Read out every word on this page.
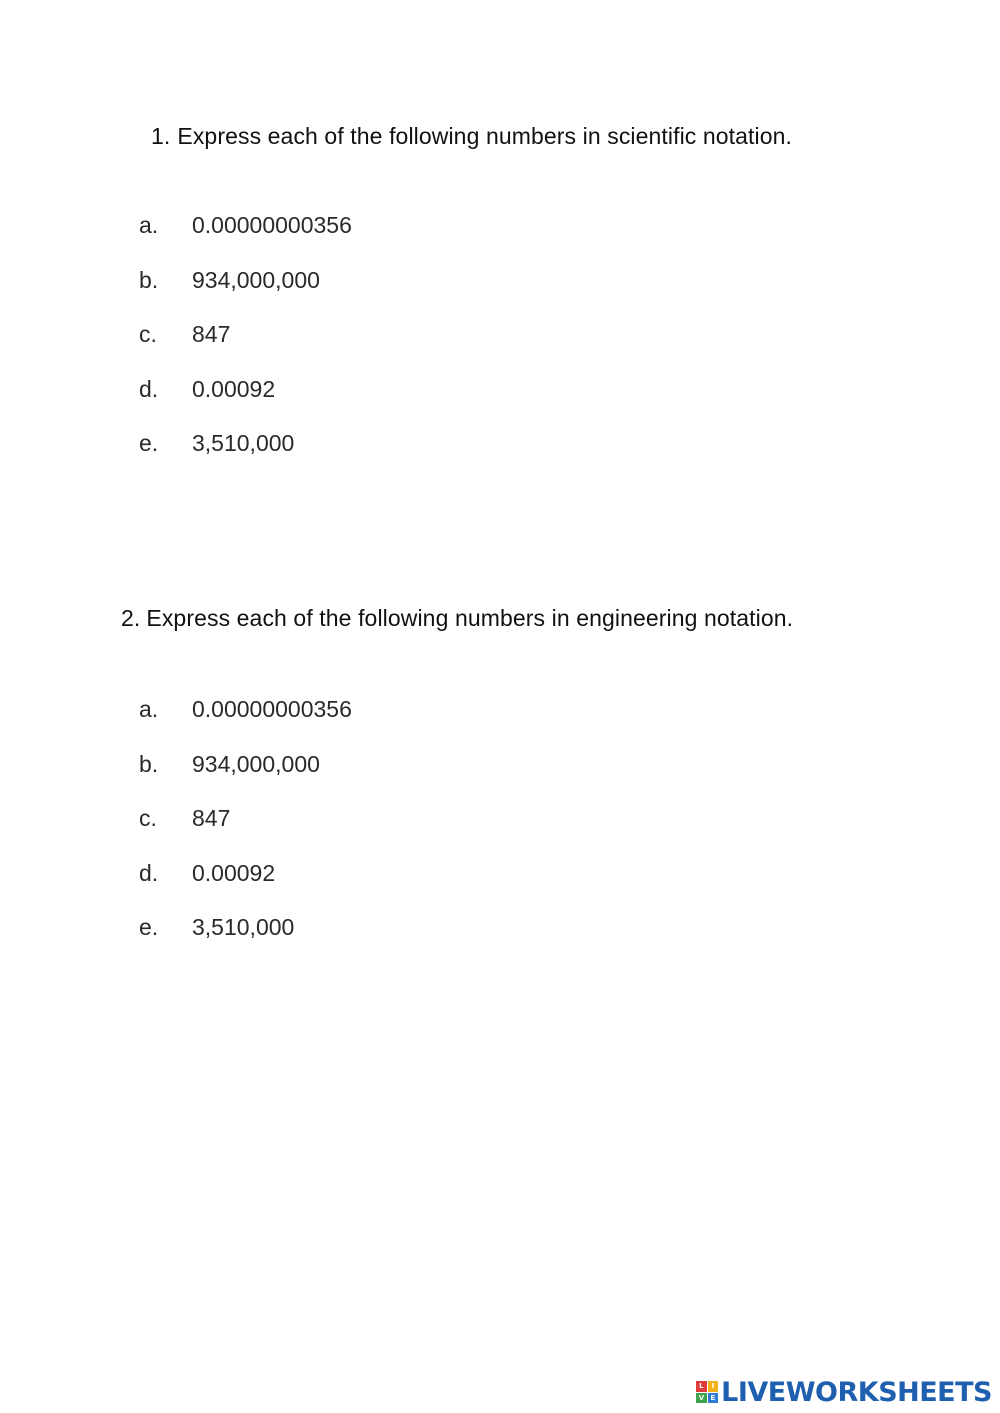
1. Express each of the following numbers in scientific notation.
a.	0.00000000356
b.	934,000,000
c.	847
d.	0.00092
e.	3,510,000
2. Express each of the following numbers in engineering notation.
a.	0.00000000356
b.	934,000,000
c.	847
d.	0.00092
e.	3,510,000
L	I
V E LIVEWORKSHEETS
